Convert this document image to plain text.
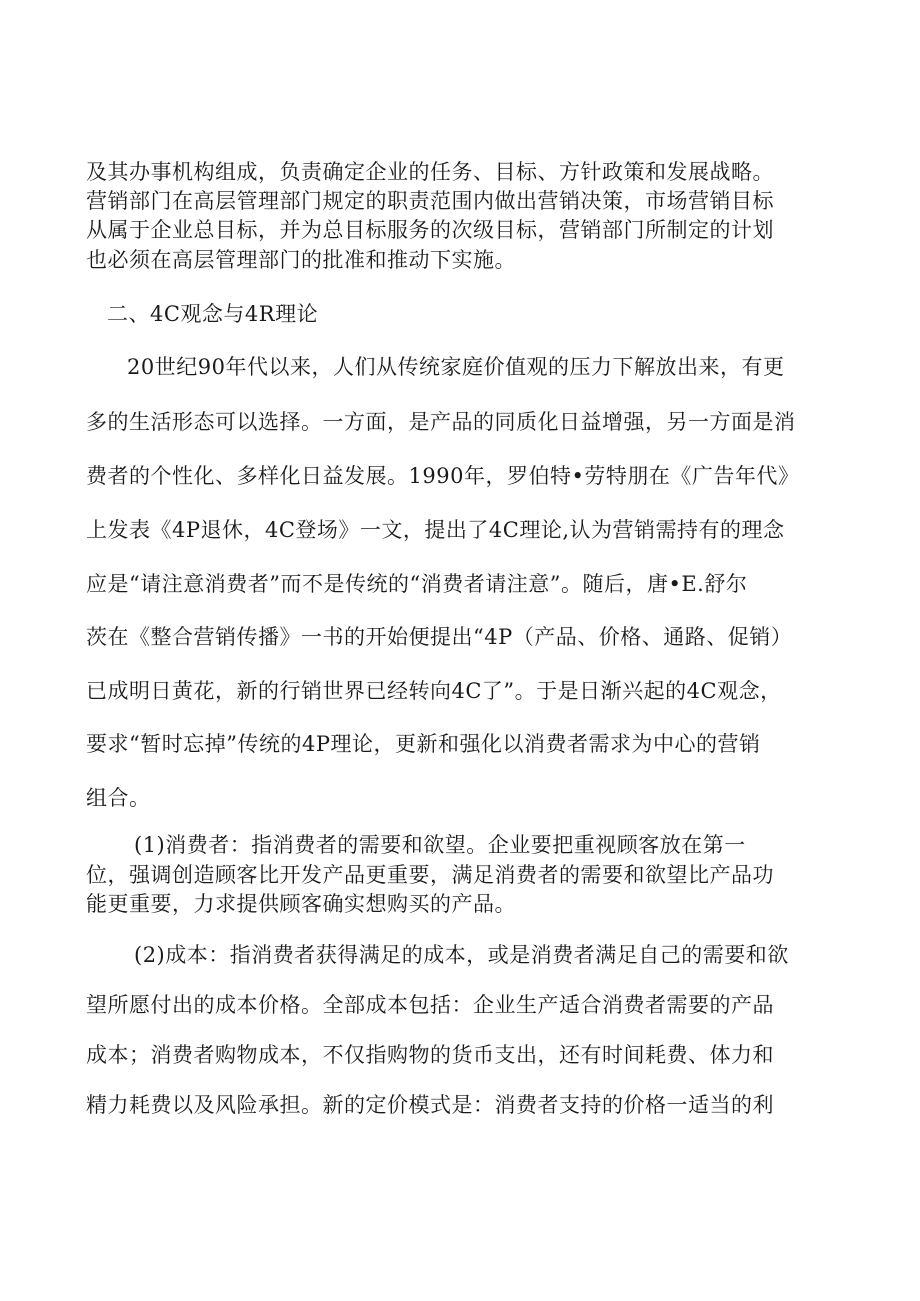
及其办事机构组成，负责确定企业的任务、目标、方针政策和发展战略。

营销部门在高层管理部门规定的职责范围内做出营销决策，市场营销目标

从属于企业总目标，并为总目标服务的次级目标，营销部门所制定的计划

也必须在高层管理部门的批准和推动下实施。

二、4C观念与4R理论

20世纪90年代以来，人们从传统家庭价值观的压力下解放出来，有更

多的生活形态可以选择。一方面，是产品的同质化日益增强，另一方面是消

费者的个性化、多样化日益发展。1990年，罗伯特•劳特朋在《广告年代》

上发表《4P退休，4C登场》一文，提出了4C理论,认为营销需持有的理念

应是“请注意消费者”而不是传统的“消费者请注意”。随后，唐•E.舒尔

茨在《整合营销传播》一书的开始便提出“4P（产品、价格、通路、促销）

已成明日黄花，新的行销世界已经转向4C了”。于是日渐兴起的4C观念，

要求“暂时忘掉”传统的4P理论，更新和强化以消费者需求为中心的营销

组合。

(1)消费者：指消费者的需要和欲望。企业要把重视顾客放在第一

位，强调创造顾客比开发产品更重要，满足消费者的需要和欲望比产品功

能更重要，力求提供顾客确实想购买的产品。

(2)成本：指消费者获得满足的成本，或是消费者满足自己的需要和欲

望所愿付出的成本价格。全部成本包括：企业生产适合消费者需要的产品

成本；消费者购物成本，不仅指购物的货币支出，还有时间耗费、体力和

精力耗费以及风险承担。新的定价模式是：消费者支持的价格一适当的利
